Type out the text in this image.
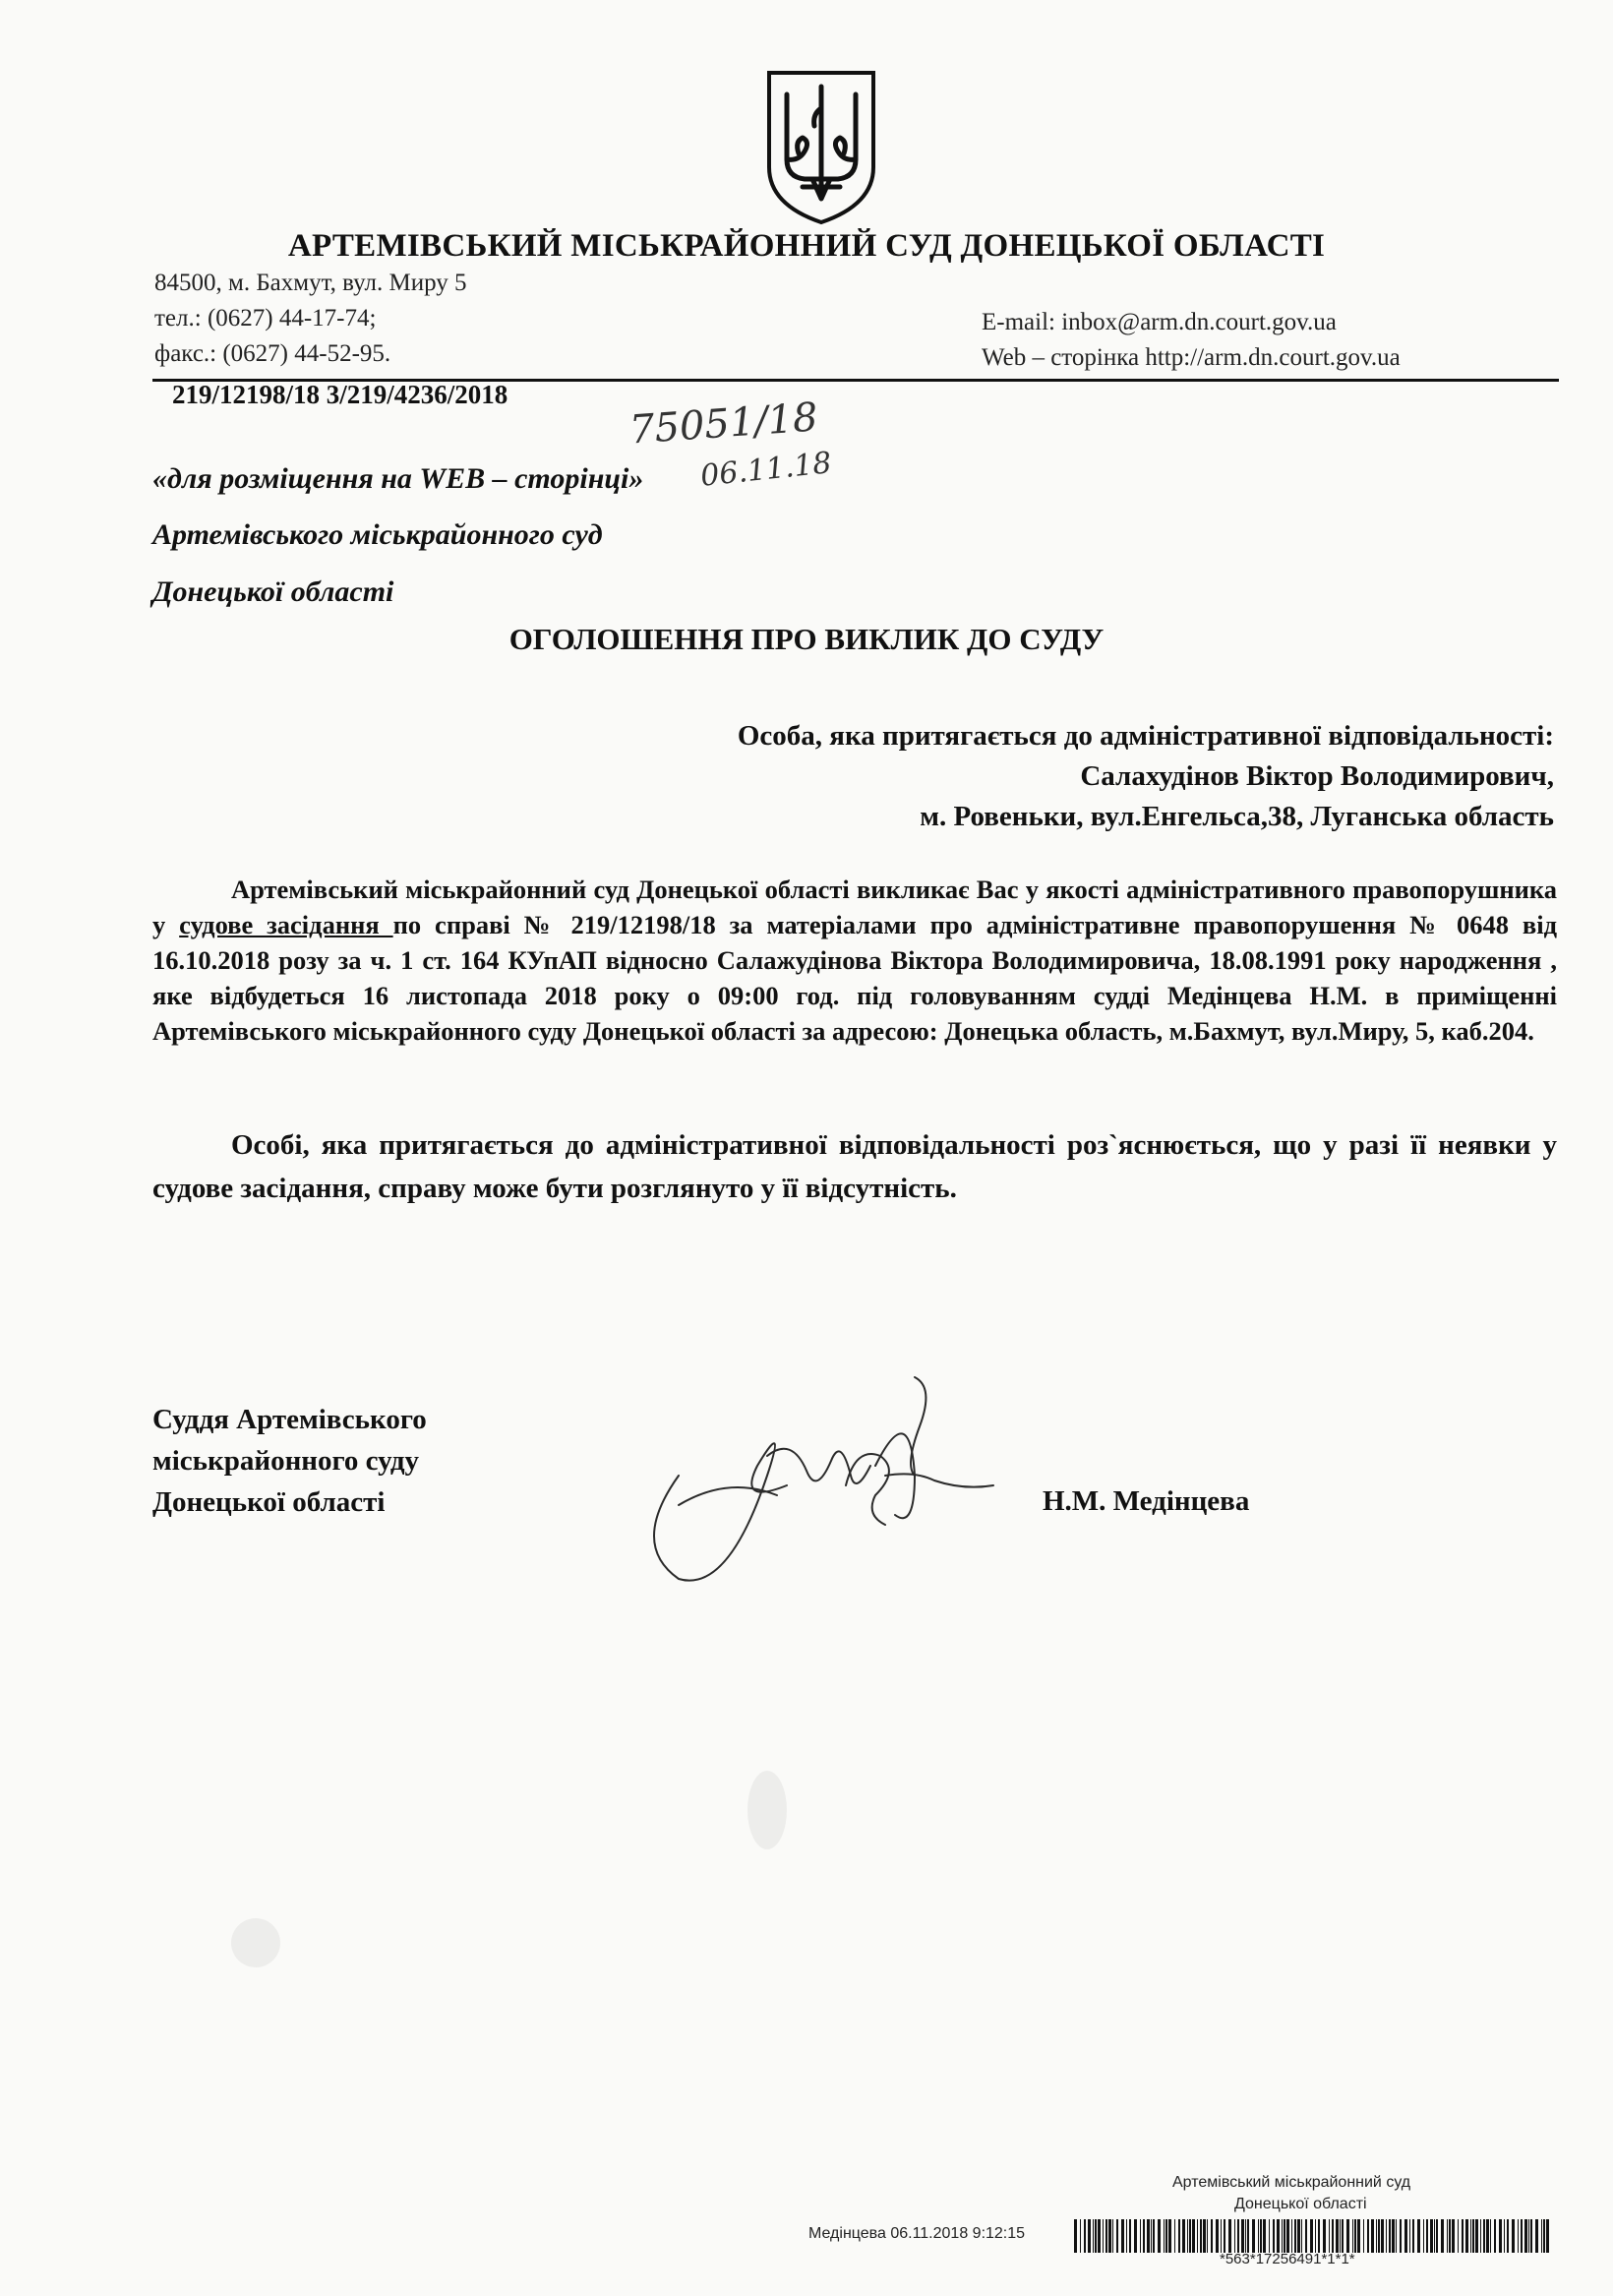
АРТЕМІВСЬКИЙ МІСЬКРАЙОННИЙ СУД ДОНЕЦЬКОЇ ОБЛАСТІ
84500, м. Бахмут, вул. Миру 5
тел.: (0627) 44-17-74;
факс.: (0627) 44-52-95.
E-mail: inbox@arm.dn.court.gov.ua
Web – сторінка http://arm.dn.court.gov.ua
219/12198/18 3/219/4236/2018
75051/18
«для розміщення на WEB – сторінці» 06.11.18
Артемівського міськрайонного суд
Донецької області
ОГОЛОШЕННЯ ПРО ВИКЛИК ДО СУДУ
Особа, яка притягається до адміністративної відповідальності:
Салахудінов Віктор Володимирович,
м. Ровеньки, вул.Енгельса,38, Луганська область
Артемівський міськрайонний суд Донецької області викликає Вас у якості адміністративного правопорушника у судове засідання по справі № 219/12198/18 за матеріалами про адміністративне правопорушення № 0648 від 16.10.2018 розу за ч. 1 ст. 164 КУпАП відносно Салажудінова Віктора Володимировича, 18.08.1991 року народження , яке відбудеться 16 листопада 2018 року о 09:00 год. під головуванням судді Медінцева Н.М. в приміщенні Артемівського міськрайонного суду Донецької області за адресою: Донецька область, м.Бахмут, вул.Миру, 5, каб.204.
Особі, яка притягається до адміністративної відповідальності роз`яснюється, що у разі її неявки у судове засідання, справу може бути розглянуто у її відсутність.
Суддя Артемівського
міськрайонного суду
Донецької області	Н.М. Медінцева
Артемівський міськрайонний суд
Донецької області
Медінцева 06.11.2018 9:12:15
*563*17256491*1*1*
